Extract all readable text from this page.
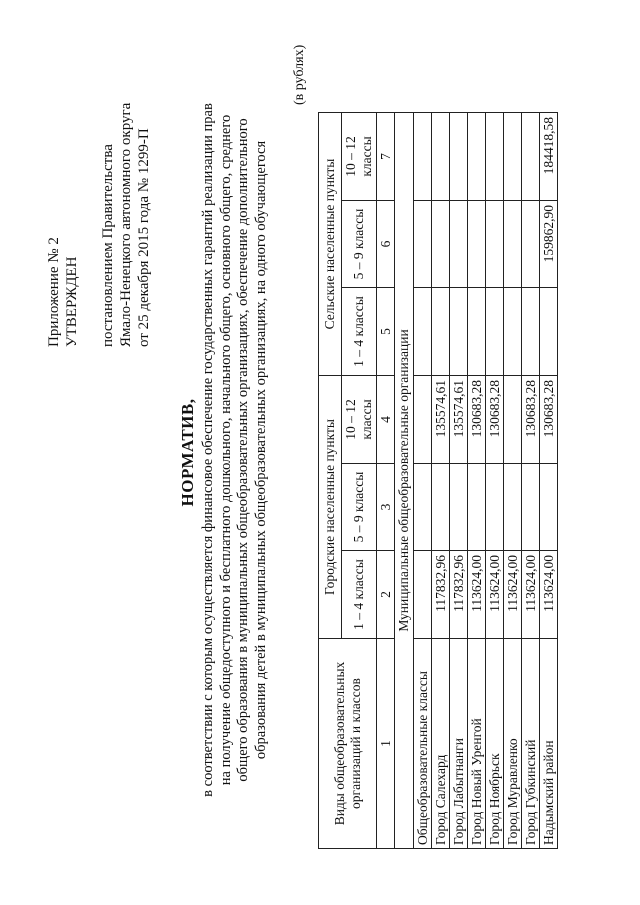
Приложение № 2 УТВЕРЖДЕН постановлением Правительства Ямало-Ненецкого автономного округа от 25 декабря 2015 года № 1299-П
НОРМАТИВ, в соответствии с которым осуществляется финансовое обеспечение государственных гарантий реализации прав на получение общедоступного и бесплатного дошкольного, начального общего, основного общего, среднего общего образования в муниципальных общеобразовательных организациях, обеспечение дополнительного образования детей в муниципальных общеобразовательных организациях, на одного обучающегося
(в рублях)
Виды общеобразовательных организаций и классов	Городские населенные пункты			Сельские населенные пункты		
	1 – 4 классы	5 – 9 классы	10 – 12 классы	1 – 4 классы	5 – 9 классы	10 – 12 классы
1	2	3	4	5	6	7
Муниципальные общеобразовательные организации						
Общеобразовательные классы						
Город Салехард	117832,96		135574,61			
Город Лабытнанги	117832,96		135574,61			
Город Новый Уренгой	113624,00		130683,28			
Город Ноябрьск	113624,00		130683,28			
Город Муравленко	113624,00					
Город Губкинский	113624,00		130683,28			
Надымский район	113624,00		130683,28		159862,90	184418,58
